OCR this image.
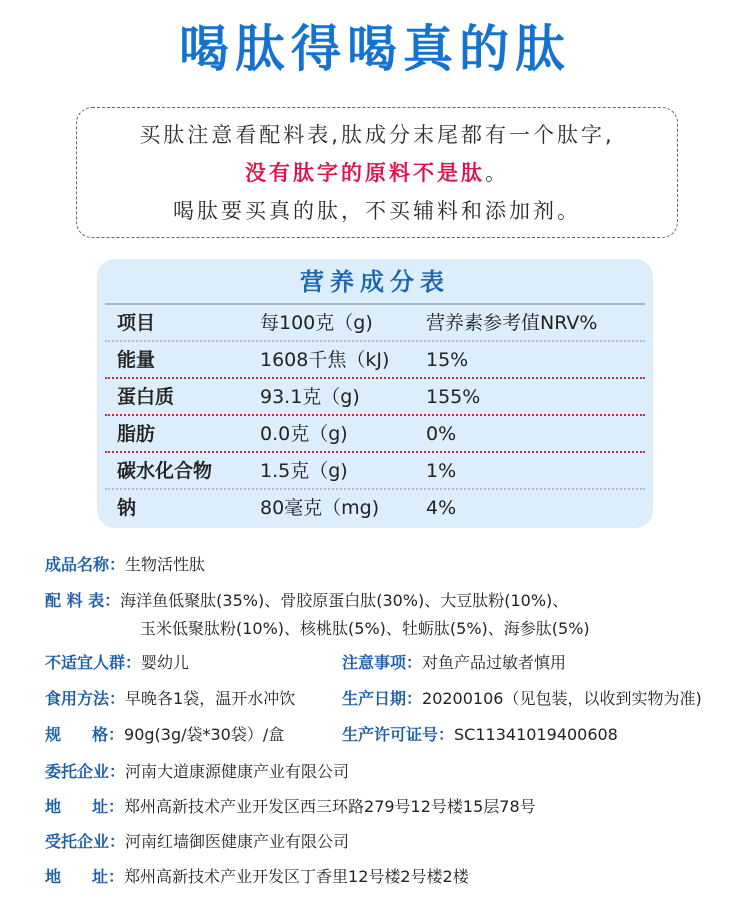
喝肽得喝真的肽
买肽注意看配料表,肽成分末尾都有一个肽字,
没有肽字的原料不是肽。
喝肽要买真的肽，不买辅料和添加剂。
营养成分表
项目	每100克（g)	营养素参考值NRV%
能量	1608千焦（kJ) 15%
蛋白质	93.1克（g)	155%
脂肪	0.0克（g)	0%
碳水化合物	1.5克（g)	1%
钠	80毫克（mg) 4%
成品名称：生物活性肽
配 料 表：海洋鱼低聚肽(35%)、骨胶原蛋白肽(30%)、大豆肽粉(10%)、
玉米低聚肽粉(10%)、核桃肽(5%)、牡蛎肽(5%)、海参肽(5%)
不适宜人群：婴幼儿	注意事项：对鱼产品过敏者慎用
食用方法：早晚各1袋，温开水冲饮	生产日期：20200106（见包装，以收到实物为准)
规 格：90g(3g/袋*30袋）/盒	生产许可证号：SC11341019400608
委托企业：河南大道康源健康产业有限公司
地 址：郑州高新技术产业开发区西三环路279号12号楼15层78号
受托企业：河南红墙御医健康产业有限公司
地 址：郑州高新技术产业开发区丁香里12号楼2号楼2楼
